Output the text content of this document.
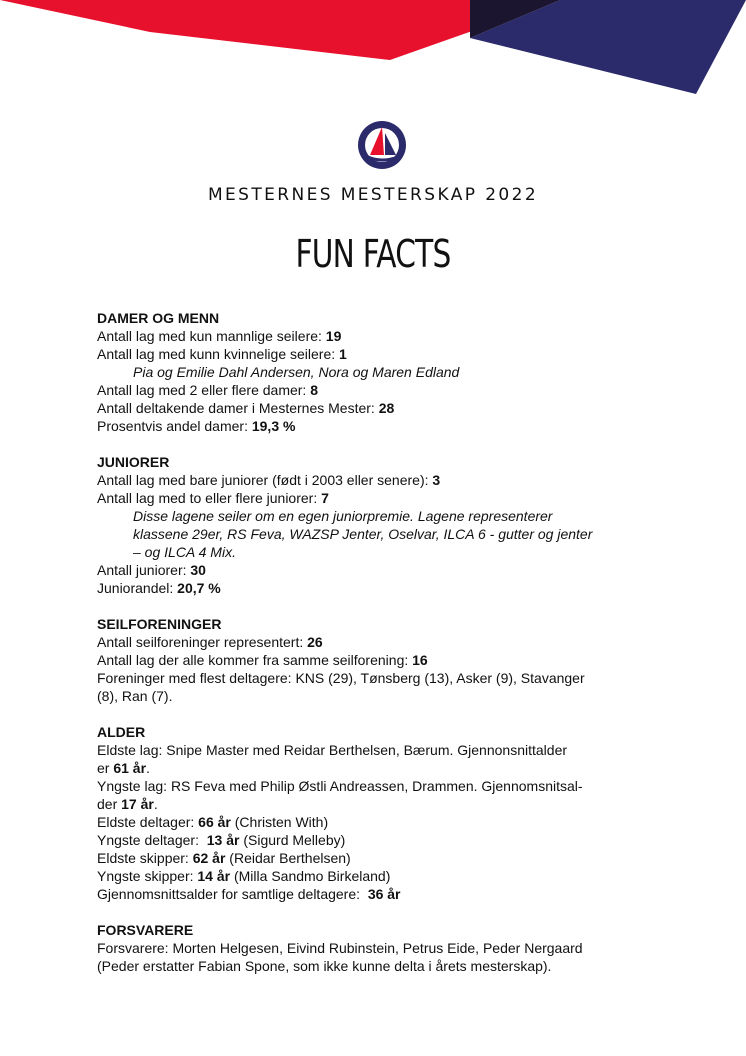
MESTERNES MESTERSKAP 2022
FUN FACTS
DAMER OG MENN
Antall lag med kun mannlige seilere: 19
Antall lag med kunn kvinnelige seilere: 1
Pia og Emilie Dahl Andersen, Nora og Maren Edland
Antall lag med 2 eller flere damer: 8
Antall deltakende damer i Mesternes Mester: 28
Prosentvis andel damer: 19,3 %
JUNIORER
Antall lag med bare juniorer (født i 2003 eller senere): 3
Antall lag med to eller flere juniorer: 7
Disse lagene seiler om en egen juniorpremie. Lagene representerer
klassene 29er, RS Feva, WAZSP Jenter, Oselvar, ILCA 6 - gutter og jenter
– og ILCA 4 Mix.
Antall juniorer: 30
Juniorandel: 20,7 %
SEILFORENINGER
Antall seilforeninger representert: 26
Antall lag der alle kommer fra samme seilforening: 16
Foreninger med flest deltagere: KNS (29), Tønsberg (13), Asker (9), Stavanger
(8), Ran (7).
ALDER
Eldste lag: Snipe Master med Reidar Berthelsen, Bærum. Gjennonsnittalder
er 61 år.
Yngste lag: RS Feva med Philip Østli Andreassen, Drammen. Gjennomsnitsal-
der 17 år.
Eldste deltager: 66 år (Christen With)
Yngste deltager:  13 år (Sigurd Melleby)
Eldste skipper: 62 år (Reidar Berthelsen)
Yngste skipper: 14 år (Milla Sandmo Birkeland)
Gjennomsnittsalder for samtlige deltagere:  36 år
FORSVARERE
Forsvarere: Morten Helgesen, Eivind Rubinstein, Petrus Eide, Peder Nergaard
(Peder erstatter Fabian Spone, som ikke kunne delta i årets mesterskap).
